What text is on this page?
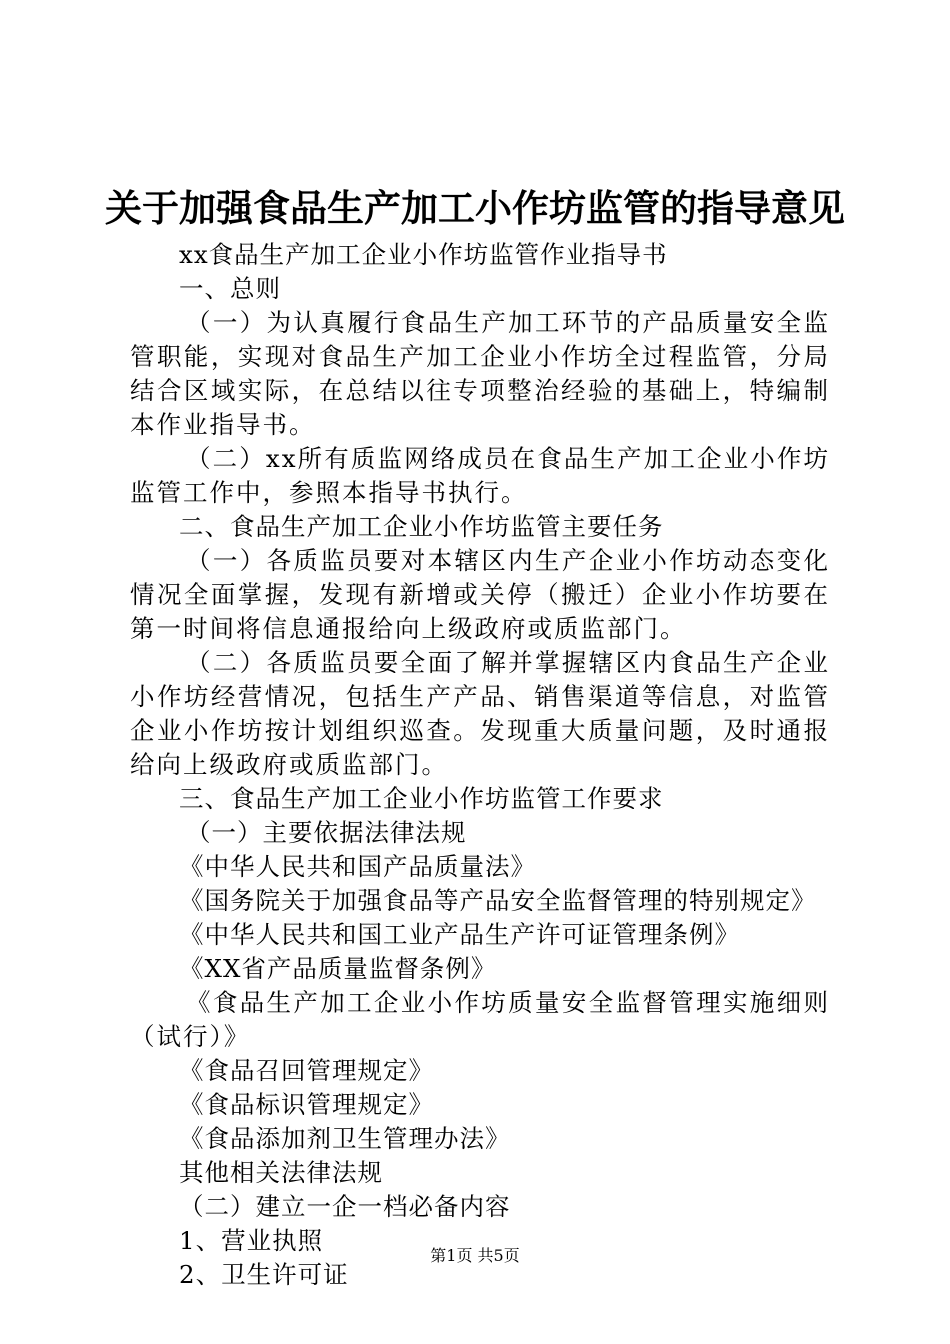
关于加强食品生产加工小作坊监管的指导意见

xx食品生产加工企业小作坊监管作业指导书

一、总则

（一）为认真履行食品生产加工环节的产品质量安全监管职能，实现对食品生产加工企业小作坊全过程监管，分局结合区域实际，在总结以往专项整治经验的基础上，特编制本作业指导书。

（二）xx所有质监网络成员在食品生产加工企业小作坊监管工作中，参照本指导书执行。

二、食品生产加工企业小作坊监管主要任务

（一）各质监员要对本辖区内生产企业小作坊动态变化情况全面掌握，发现有新增或关停（搬迁）企业小作坊要在第一时间将信息通报给向上级政府或质监部门。

（二）各质监员要全面了解并掌握辖区内食品生产企业小作坊经营情况，包括生产产品、销售渠道等信息，对监管企业小作坊按计划组织巡查。发现重大质量问题，及时通报给向上级政府或质监部门。

三、食品生产加工企业小作坊监管工作要求

（一）主要依据法律法规

《中华人民共和国产品质量法》

《国务院关于加强食品等产品安全监督管理的特别规定》

《中华人民共和国工业产品生产许可证管理条例》

《XX省产品质量监督条例》

《食品生产加工企业小作坊质量安全监督管理实施细则（试行）》

《食品召回管理规定》

《食品标识管理规定》

《食品添加剂卫生管理办法》

其他相关法律法规

（二）建立一企一档必备内容

1、营业执照

2、卫生许可证

第1页 共5页
